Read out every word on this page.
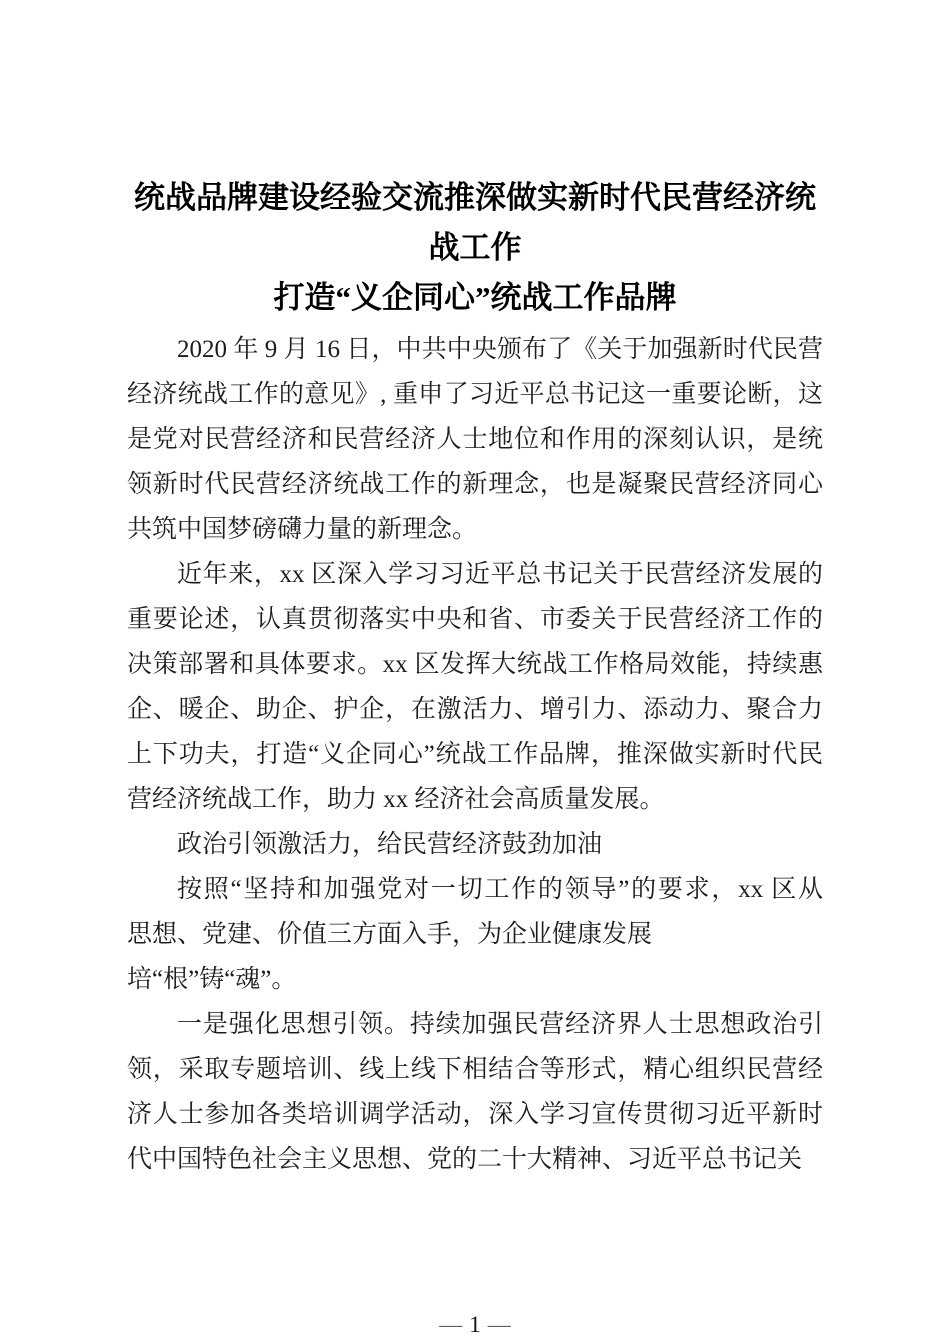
统战品牌建设经验交流推深做实新时代民营经济统战工作
打造“义企同心”统战工作品牌

2020 年 9 月 16 日，中共中央颁布了《关于加强新时代民营经济统战工作的意见》, 重申了习近平总书记这一重要论断，这是党对民营经济和民营经济人士地位和作用的深刻认识，是统领新时代民营经济统战工作的新理念，也是凝聚民营经济同心共筑中国梦磅礴力量的新理念。

近年来，xx 区深入学习习近平总书记关于民营经济发展的重要论述，认真贯彻落实中央和省、市委关于民营经济工作的决策部署和具体要求。xx 区发挥大统战工作格局效能，持续惠企、暖企、助企、护企，在激活力、增引力、添动力、聚合力上下功夫，打造“义企同心”统战工作品牌，推深做实新时代民营经济统战工作，助力 xx 经济社会高质量发展。

政治引领激活力，给民营经济鼓劲加油

按照“坚持和加强党对一切工作的领导”的要求，xx 区从

思想、党建、价值三方面入手，为企业健康发展

培“根”铸“魂”。

一是强化思想引领。持续加强民营经济界人士思想政治引领，采取专题培训、线上线下相结合等形式，精心组织民营经济人士参加各类培训调学活动，深入学习宣传贯彻习近平新时代中国特色社会主义思想、党的二十大精神、习近平总书记关

— 1 —
